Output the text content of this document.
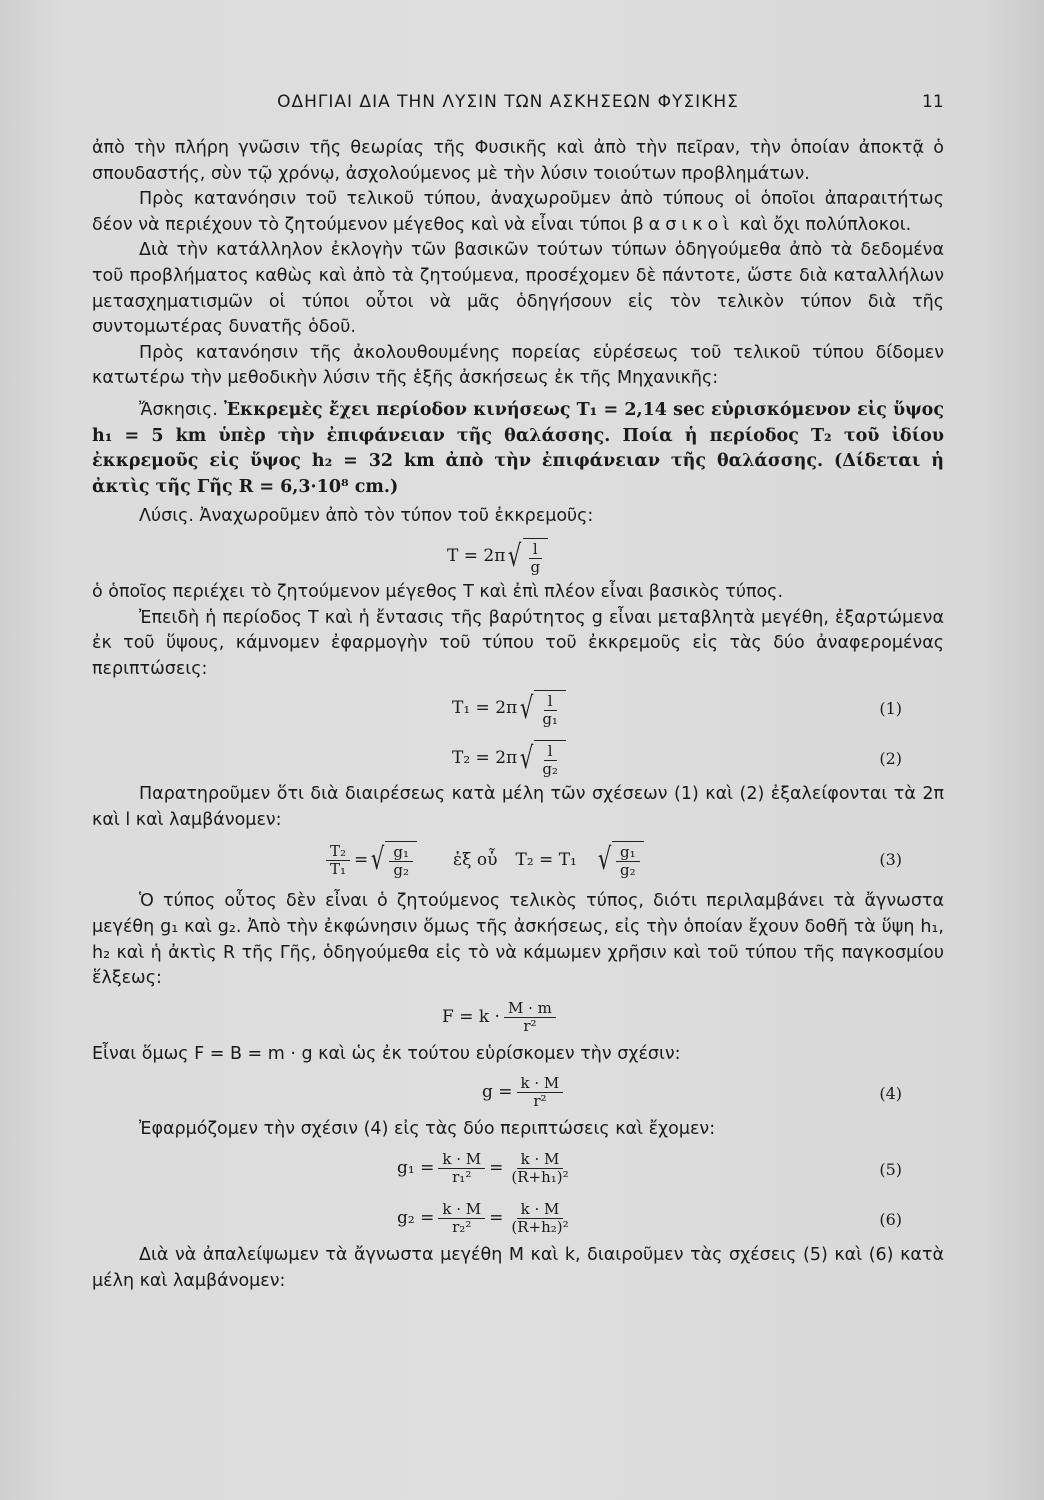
ΟΔΗΓΙΑΙ ΔΙΑ ΤΗΝ ΛΥΣΙΝ ΤΩΝ ΑΣΚΗΣΕΩΝ ΦΥΣΙΚΗΣ	11

ἀπὸ τὴν πλήρη γνῶσιν τῆς θεωρίας τῆς Φυσικῆς καὶ ἀπὸ τὴν πεῖραν, τὴν ὁποίαν ἀποκτᾷ ὁ σπουδαστής, σὺν τῷ χρόνῳ, ἀσχολούμενος μὲ τὴν λύσιν τοιούτων προβλημάτων.

Πρὸς κατανόησιν τοῦ τελικοῦ τύπου, ἀναχωροῦμεν ἀπὸ τύπους οἱ ὁποῖοι ἀπαραιτήτως δέον νὰ περιέχουν τὸ ζητούμενον μέγεθος καὶ νὰ εἶναι τύποι βασικοὶ καὶ ὄχι πολύπλοκοι.

Διὰ τὴν κατάλληλον ἐκλογὴν τῶν βασικῶν τούτων τύπων ὁδηγούμεθα ἀπὸ τὰ δεδομένα τοῦ προβλήματος καθὼς καὶ ἀπὸ τὰ ζητούμενα, προσέχομεν δὲ πάντοτε, ὥστε διὰ καταλλήλων μετασχηματισμῶν οἱ τύποι οὗτοι νὰ μᾶς ὁδηγήσουν εἰς τὸν τελικὸν τύπον διὰ τῆς συντομωτέρας δυνατῆς ὁδοῦ.

Πρὸς κατανόησιν τῆς ἀκολουθουμένης πορείας εὑρέσεως τοῦ τελικοῦ τύπου δίδομεν κατωτέρω τὴν μεθοδικὴν λύσιν τῆς ἑξῆς ἀσκήσεως ἐκ τῆς Μηχανικῆς:

Ἄσκησις. Ἐκκρεμὲς ἔχει περίοδον κινήσεως T₁ = 2,14 sec εὑρισκόμενον εἰς ὕψος h₁ = 5 km ὑπὲρ τὴν ἐπιφάνειαν τῆς θαλάσσης. Ποία ἡ περίοδος T₂ τοῦ ἰδίου ἐκκρεμοῦς εἰς ὕψος h₂ = 32 km ἀπὸ τὴν ἐπιφάνειαν τῆς θαλάσσης. (Δίδεται ἡ ἀκτὶς τῆς Γῆς R = 6,3·10⁸ cm.)

Λύσις. Ἀναχωροῦμεν ἀπὸ τὸν τύπον τοῦ ἐκκρεμοῦς:

T = 2π √ $\frac{l}{g}$

ὁ ὁποῖος περιέχει τὸ ζητούμενον μέγεθος T καὶ ἐπὶ πλέον εἶναι βασικὸς τύπος.

Ἐπειδὴ ἡ περίοδος T καὶ ἡ ἔντασις τῆς βαρύτητος g εἶναι μεταβλητὰ μεγέθη, ἐξαρτώμενα ἐκ τοῦ ὕψους, κάμνομεν ἐφαρμογὴν τοῦ τύπου τοῦ ἐκκρεμοῦς εἰς τὰς δύο ἀναφερομένας περιπτώσεις:

T₁ = 2π √ $\frac{l}{\text{g₁}}$	(1)
T₂ = 2π √ $\frac{l}{\text{g₂}}$	(2)

Παρατηροῦμεν ὅτι διὰ διαιρέσεως κατὰ μέλη τῶν σχέσεων (1) καὶ (2) ἐξαλείφονται τὰ 2π καὶ l καὶ λαμβάνομεν:

$\frac{\text{T₂}}{\text{T₁}}$ = √ $\frac{\text{g₁}}{\text{g₂}}$ ἐξ οὗ T₂ = T₁ √ $\frac{\text{g₁}}{\text{g₂}}$	(3)

Ὁ τύπος οὗτος δὲν εἶναι ὁ ζητούμενος τελικὸς τύπος, διότι περιλαμβάνει τὰ ἄγνωστα μεγέθη g₁ καὶ g₂. Ἀπὸ τὴν ἐκφώνησιν ὅμως τῆς ἀσκήσεως, εἰς τὴν ὁποίαν ἔχουν δοθῆ τὰ ὕψη h₁, h₂ καὶ ἡ ἀκτὶς R τῆς Γῆς, ὁδηγούμεθα εἰς τὸ νὰ κάμωμεν χρῆσιν καὶ τοῦ τύπου τῆς παγκοσμίου ἕλξεως:

$F = k \cdot \frac{M \cdot m}{\text{r²}}$

Εἶναι ὅμως F = B = m · g καὶ ὡς ἐκ τούτου εὑρίσκομεν τὴν σχέσιν:

$g = \frac{k \cdot M}{\text{r²}}$	(4)

Ἐφαρμόζομεν τὴν σχέσιν (4) εἰς τὰς δύο περιπτώσεις καὶ ἔχομεν:

$g_1 = \frac{k \cdot M}{\text{r₁²}} = \frac{k \cdot M}{\text{(R+h₁)²}}$	(5)
$g_2 = \frac{k \cdot M}{\text{r₂²}} = \frac{k \cdot M}{\text{(R+h₂)²}}$	(6)

Διὰ νὰ ἀπαλείψωμεν τὰ ἄγνωστα μεγέθη M καὶ k, διαιροῦμεν τὰς σχέσεις (5) καὶ (6) κατὰ μέλη καὶ λαμβάνομεν:
